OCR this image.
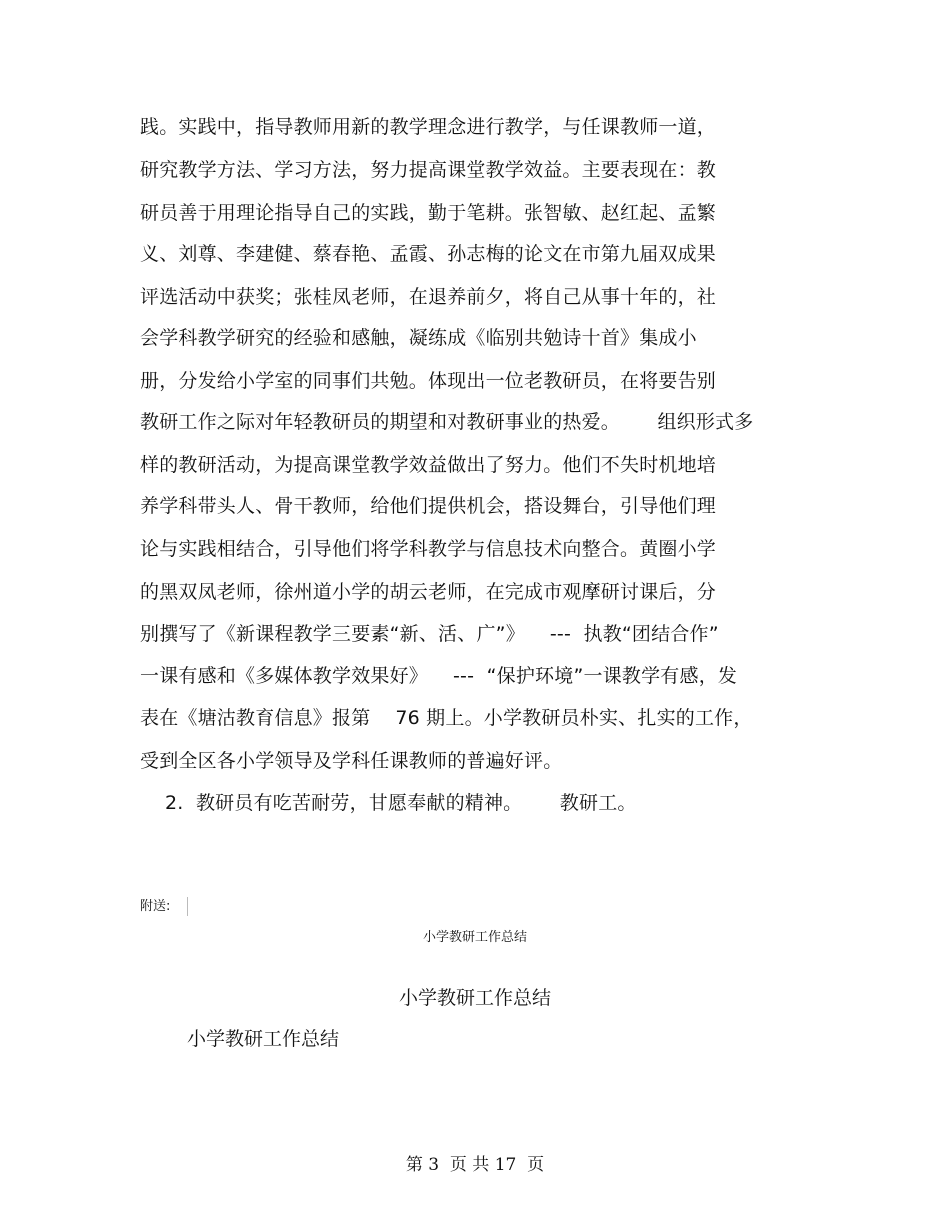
践。实践中，指导教师用新的教学理念进行教学，与任课教师一道，
研究教学方法、学习方法，努力提高课堂教学效益。主要表现在：教
研员善于用理论指导自己的实践，勤于笔耕。张智敏、赵红起、孟繁
义、刘尊、李建健、蔡春艳、孟霞、孙志梅的论文在市第九届双成果
评选活动中获奖；张桂凤老师，在退养前夕，将自己从事十年的，社
会学科教学研究的经验和感触，凝练成《临别共勉诗十首》集成小
册，分发给小学室的同事们共勉。体现出一位老教研员，在将要告别
教研工作之际对年轻教研员的期望和对教研事业的热爱。      组织形式多
样的教研活动，为提高课堂教学效益做出了努力。他们不失时机地培
养学科带头人、骨干教师，给他们提供机会，搭设舞台，引导他们理
论与实践相结合，引导他们将学科教学与信息技术向整合。黄圈小学
的黑双凤老师，徐州道小学的胡云老师，在完成市观摩研讨课后，分
别撰写了《新课程教学三要素“新、活、广”》    ---  执教“团结合作”
一课有感和《多媒体教学效果好》    ---  “保护环境”一课教学有感，发
表在《塘沽教育信息》报第    76 期上。小学教研员朴实、扎实的工作，
受到全区各小学领导及学科任课教师的普遍好评。
2.  教研员有吃苦耐劳，甘愿奉献的精神。      教研工。
附送:
小学教研工作总结
小学教研工作总结
小学教研工作总结
第 3  页 共 17  页
